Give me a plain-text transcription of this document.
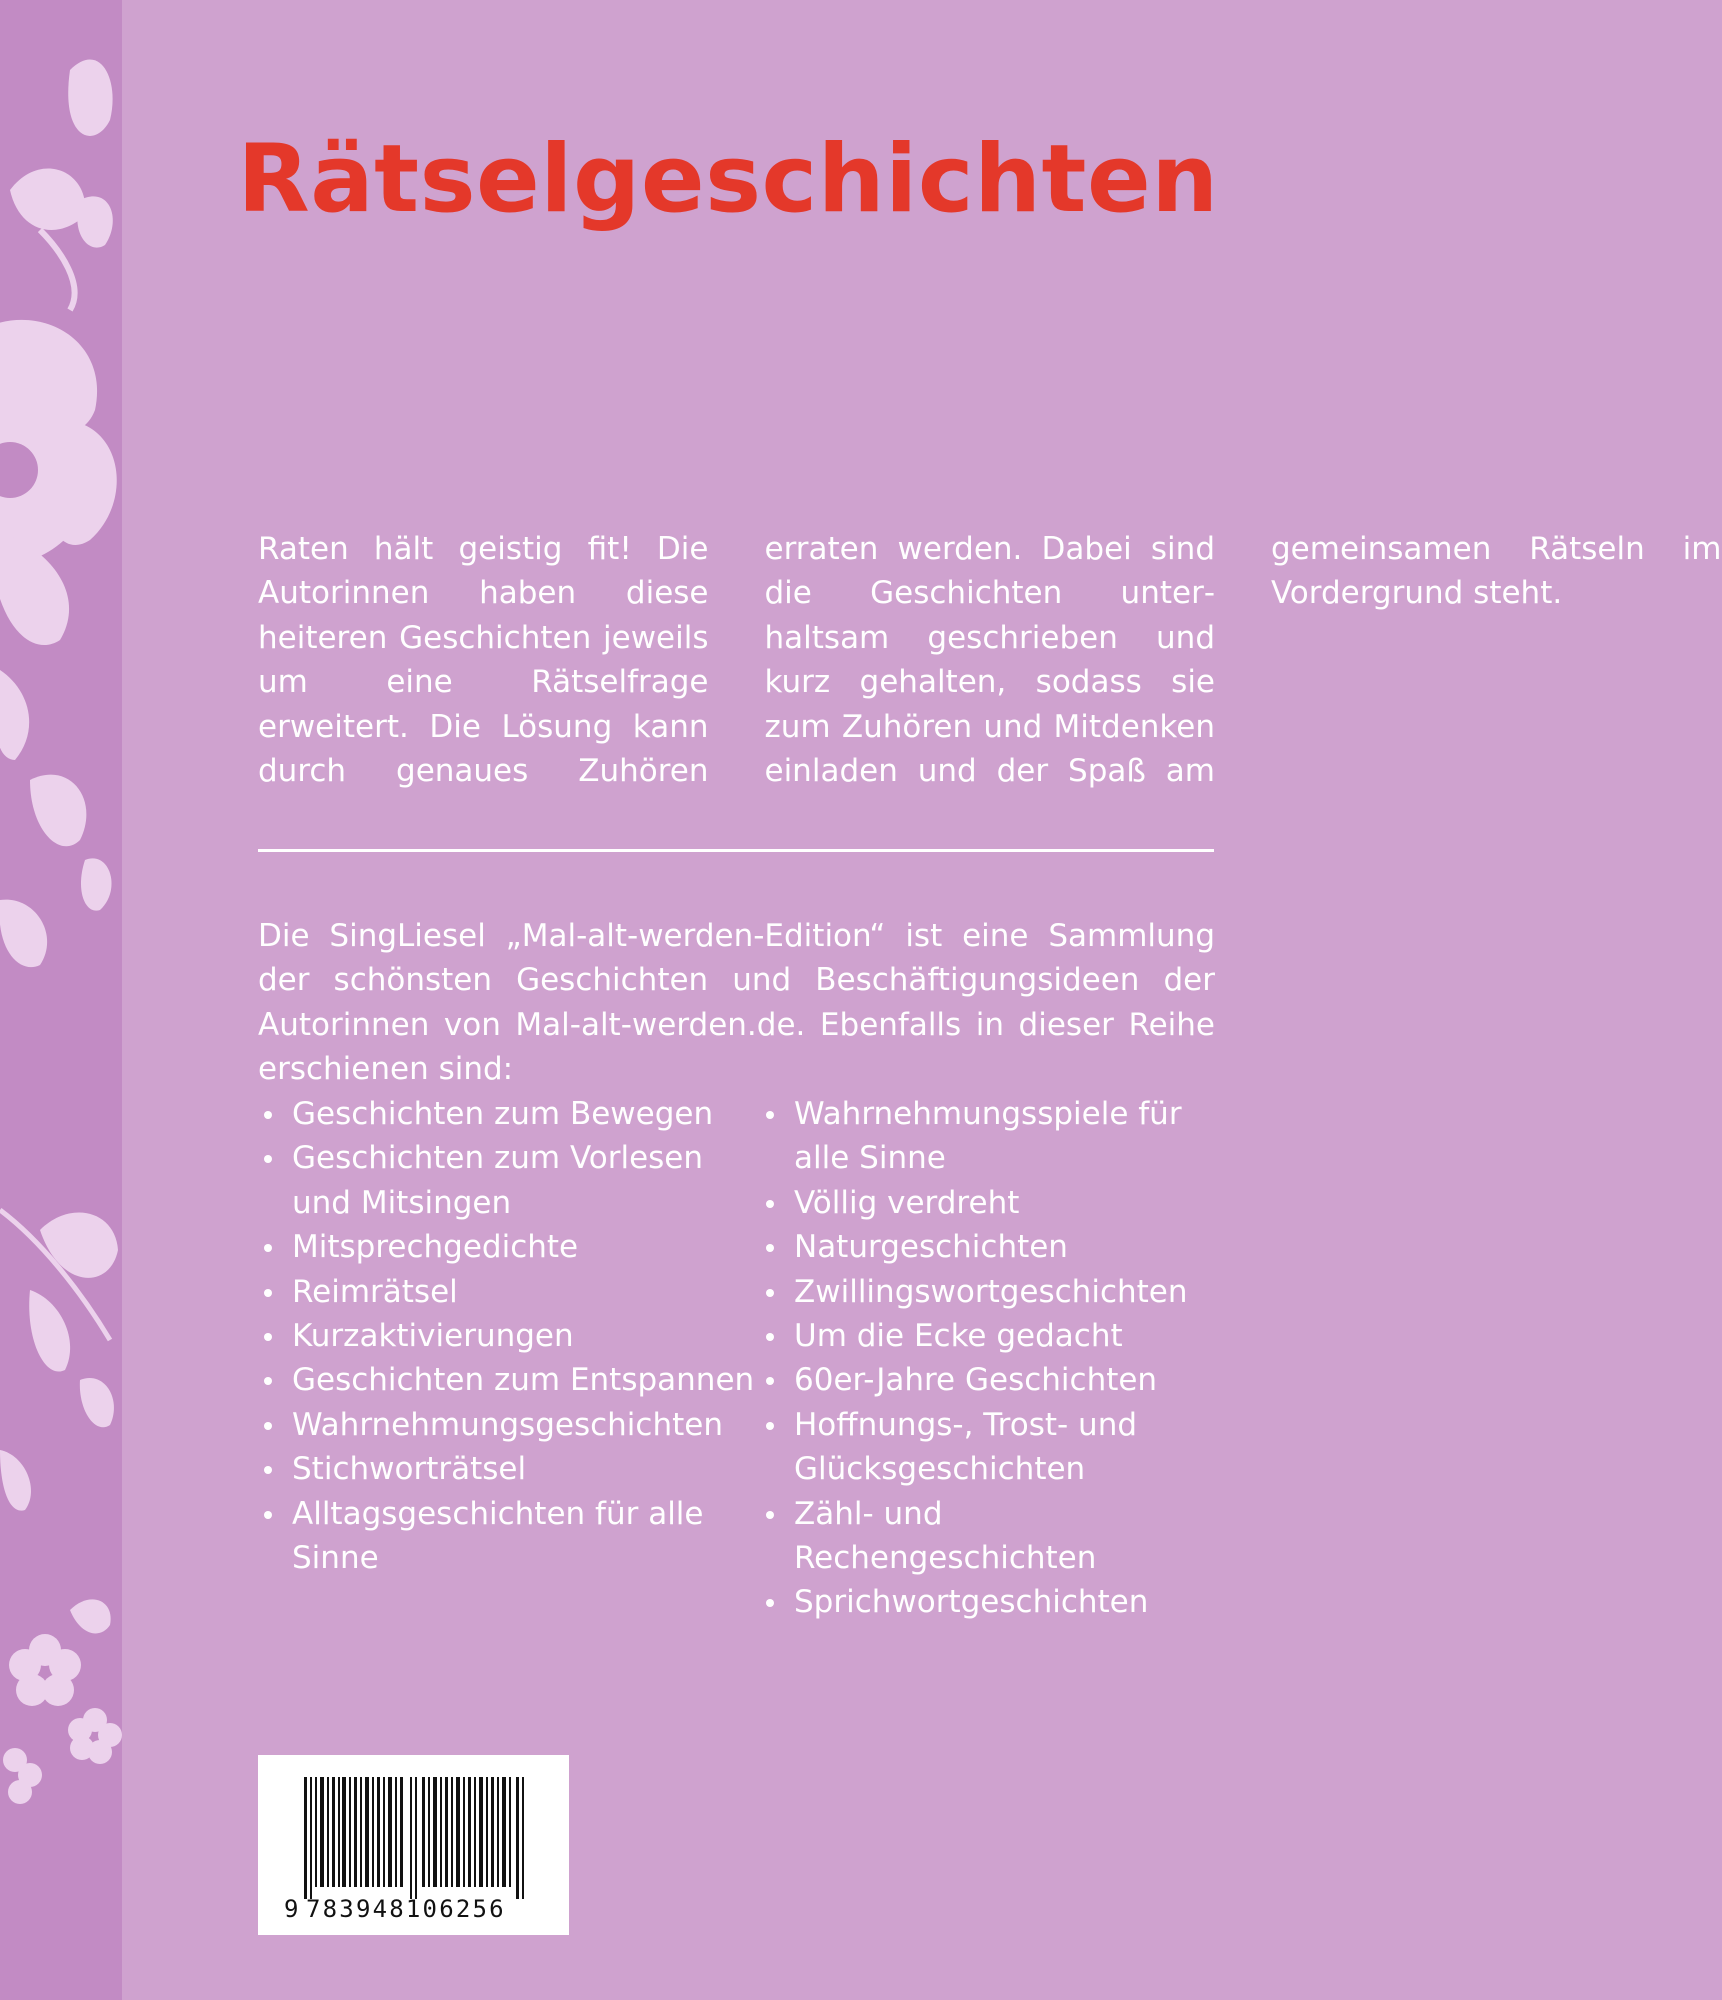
Rätselgeschichten

Raten hält geistig fit! Die Autorinnen haben diese heiteren Geschichten jeweils um eine Rätselfrage erweitert. Die Lösung kann durch genaues Zuhören erraten werden. Dabei sind die Geschichten unterhaltsam geschrieben und kurz gehalten, sodass sie zum Zuhören und Mitdenken einladen und der Spaß am gemeinsamen Rätseln im Vordergrund steht.

Die SingLiesel „Mal-alt-werden-Edition“ ist eine Sammlung der schönsten Geschichten und Beschäftigungsideen der Autorinnen von Mal-alt-werden.de. Ebenfalls in dieser Reihe erschienen sind:

Geschichten zum Bewegen
Geschichten zum Vorlesen und Mitsingen
Mitsprechgedichte
Reimrätsel
Kurzaktivierungen
Geschichten zum Entspannen
Wahrnehmungsgeschichten
Stichworträtsel
Alltagsgeschichten für alle Sinne
Wahrnehmungsspiele für alle Sinne
Völlig verdreht
Naturgeschichten
Zwillingswortgeschichten
Um die Ecke gedacht
60er-Jahre Geschichten
Hoffnungs-, Trost- und Glücksgeschichten
Zähl- und Rechengeschichten
Sprichwortgeschichten
9 783948106256
